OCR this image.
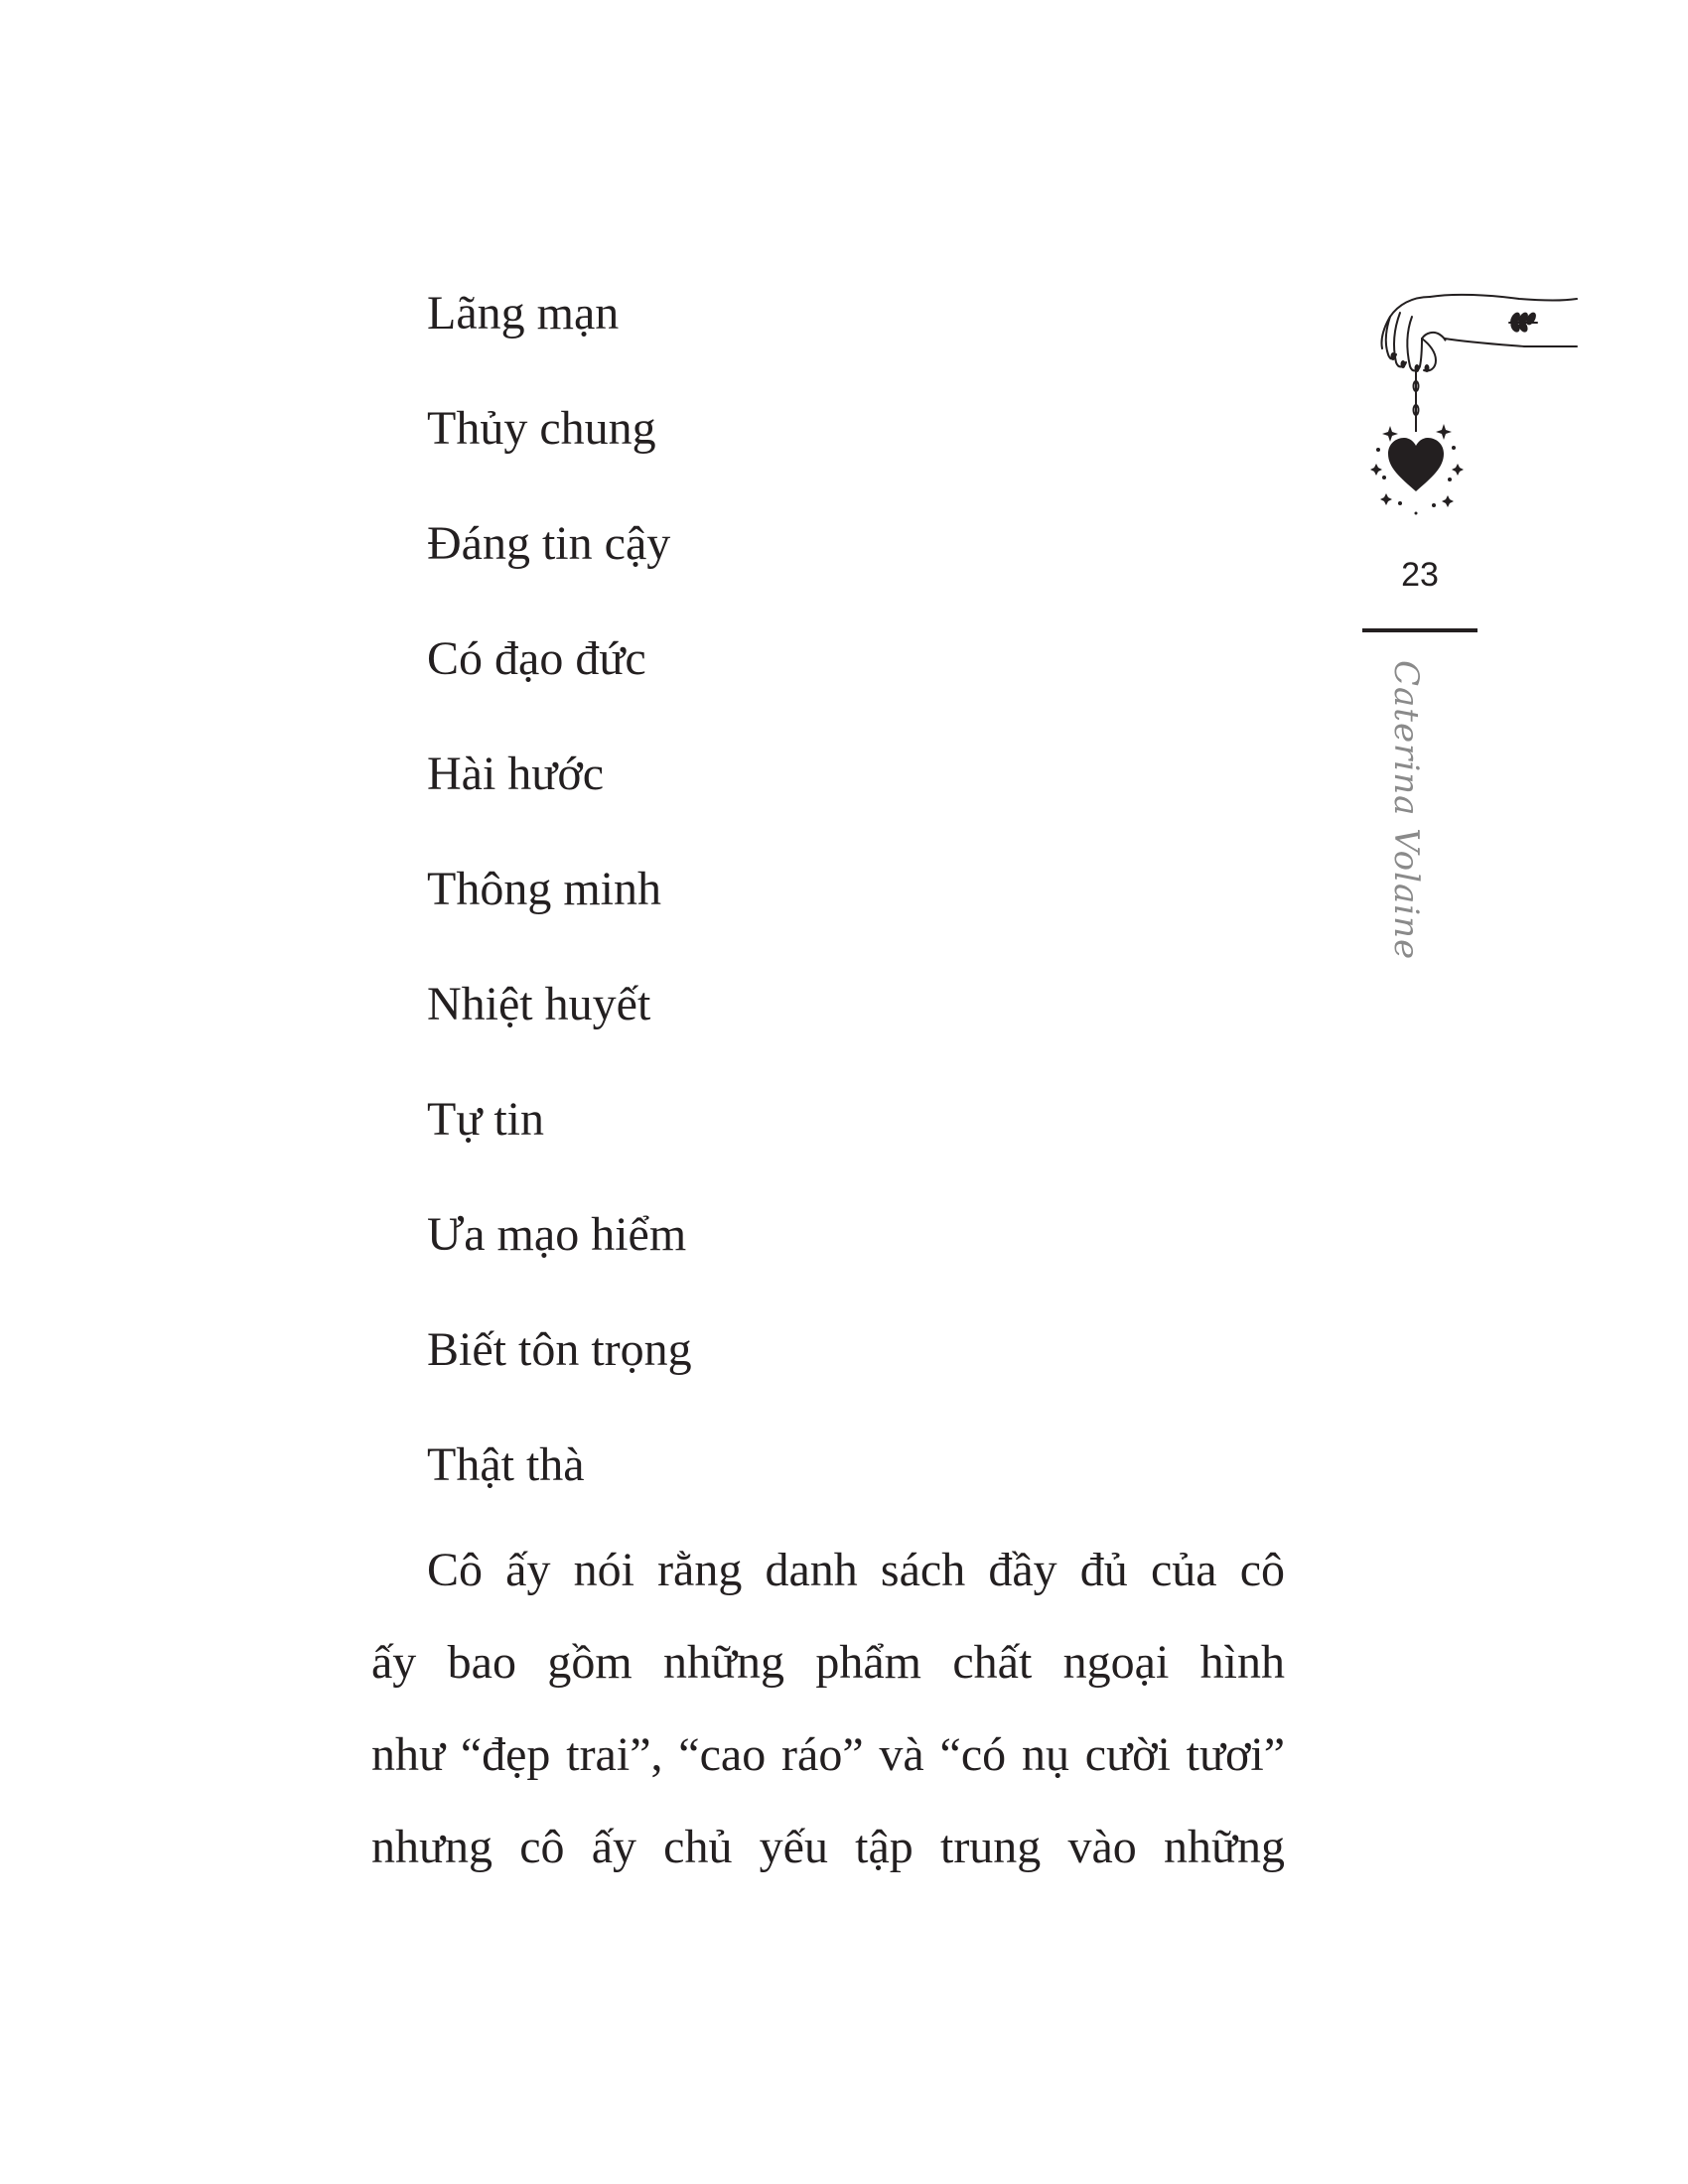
Lãng mạn
Thủy chung
Đáng tin cậy
Có đạo đức
Hài hước
Thông minh
Nhiệt huyết
Tự tin
Ưa mạo hiểm
Biết tôn trọng
Thật thà

Cô ấy nói rằng danh sách đầy đủ của cô
ấy bao gồm những phẩm chất ngoại hình
như “đẹp trai”, “cao ráo” và “có nụ cười tươi”
nhưng cô ấy chủ yếu tập trung vào những

23
Caterina Volaine
